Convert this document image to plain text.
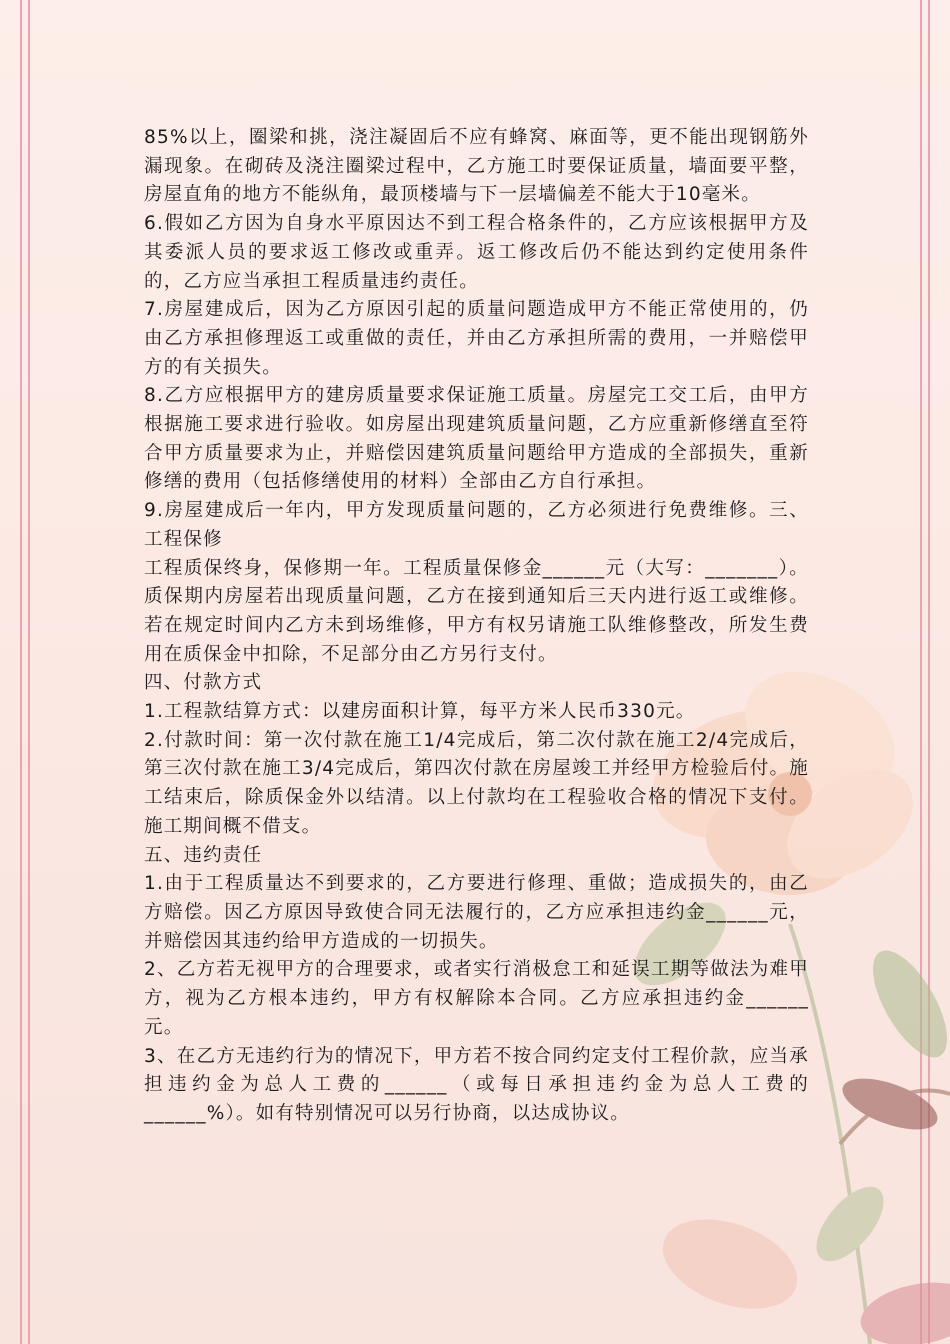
85%以上，圈梁和挑，浇注凝固后不应有蜂窝、麻面等，更不能出现钢筋外漏现象。在砌砖及浇注圈梁过程中，乙方施工时要保证质量，墙面要平整，房屋直角的地方不能纵角，最顶楼墙与下一层墙偏差不能大于10毫米。

6.假如乙方因为自身水平原因达不到工程合格条件的，乙方应该根据甲方及其委派人员的要求返工修改或重弄。返工修改后仍不能达到约定使用条件的，乙方应当承担工程质量违约责任。

7.房屋建成后，因为乙方原因引起的质量问题造成甲方不能正常使用的，仍由乙方承担修理返工或重做的责任，并由乙方承担所需的费用，一并赔偿甲方的有关损失。

8.乙方应根据甲方的建房质量要求保证施工质量。房屋完工交工后，由甲方根据施工要求进行验收。如房屋出现建筑质量问题，乙方应重新修缮直至符合甲方质量要求为止，并赔偿因建筑质量问题给甲方造成的全部损失，重新修缮的费用（包括修缮使用的材料）全部由乙方自行承担。

9.房屋建成后一年内，甲方发现质量问题的，乙方必须进行免费维修。三、工程保修

工程质保终身，保修期一年。工程质量保修金______元（大写：_______）。质保期内房屋若出现质量问题，乙方在接到通知后三天内进行返工或维修。若在规定时间内乙方未到场维修，甲方有权另请施工队维修整改，所发生费用在质保金中扣除，不足部分由乙方另行支付。

四、付款方式

1.工程款结算方式：以建房面积计算，每平方米人民币330元。

2.付款时间：第一次付款在施工1/4完成后，第二次付款在施工2/4完成后，第三次付款在施工3/4完成后，第四次付款在房屋竣工并经甲方检验后付。施工结束后，除质保金外以结清。以上付款均在工程验收合格的情况下支付。施工期间概不借支。

五、违约责任

1.由于工程质量达不到要求的，乙方要进行修理、重做；造成损失的，由乙方赔偿。因乙方原因导致使合同无法履行的，乙方应承担违约金______元，并赔偿因其违约给甲方造成的一切损失。

2、乙方若无视甲方的合理要求，或者实行消极怠工和延误工期等做法为难甲方，视为乙方根本违约，甲方有权解除本合同。乙方应承担违约金______元。

3、在乙方无违约行为的情况下，甲方若不按合同约定支付工程价款，应当承担违约金为总人工费的______（或每日承担违约金为总人工费的______%）。如有特别情况可以另行协商，以达成协议。
